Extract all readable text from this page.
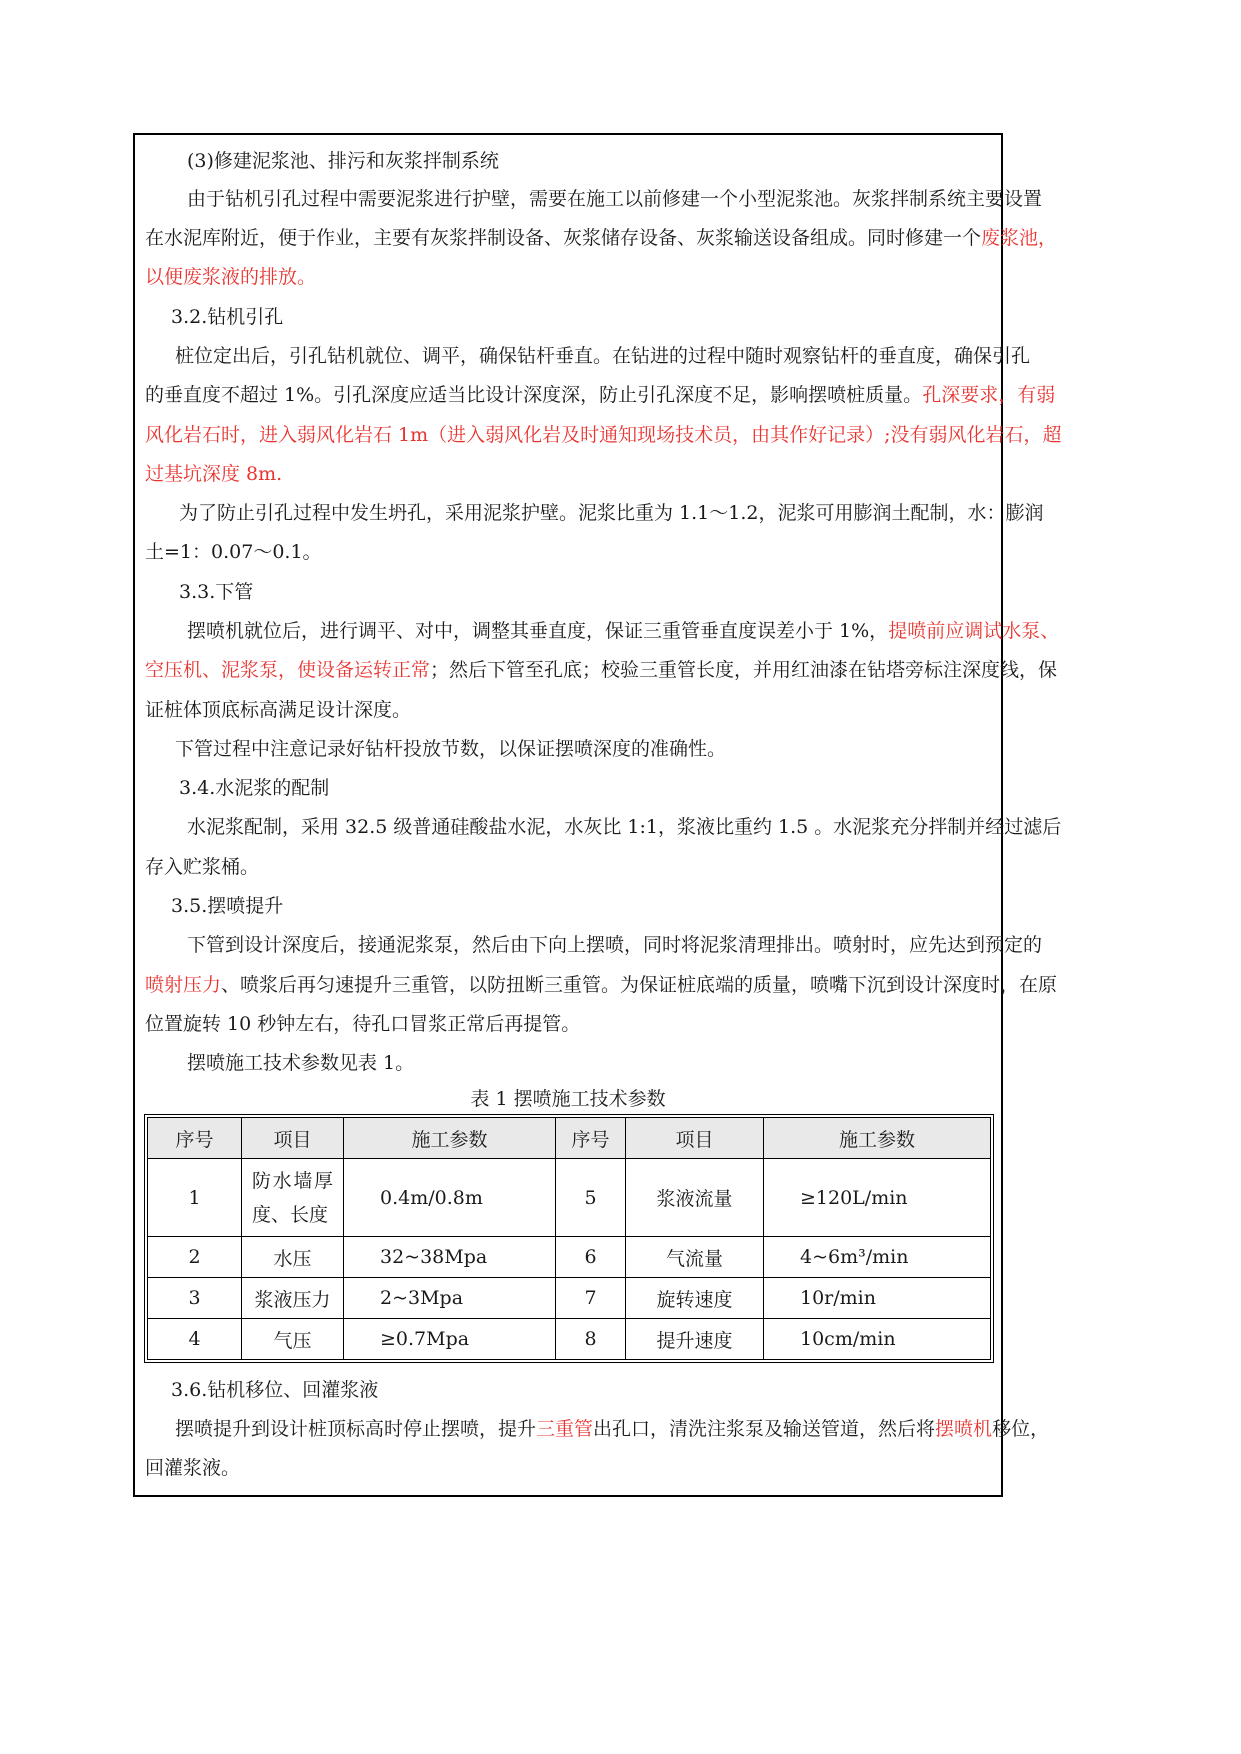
(3)修建泥浆池、排污和灰浆拌制系统
由于钻机引孔过程中需要泥浆进行护壁，需要在施工以前修建一个小型泥浆池。灰浆拌制系统主要设置
在水泥库附近，便于作业，主要有灰浆拌制设备、灰浆储存设备、灰浆输送设备组成。同时修建一个废浆池，
以便废浆液的排放。
3.2.钻机引孔
桩位定出后，引孔钻机就位、调平，确保钻杆垂直。在钻进的过程中随时观察钻杆的垂直度，确保引孔
的垂直度不超过 1%。引孔深度应适当比设计深度深，防止引孔深度不足，影响摆喷桩质量。孔深要求，有弱
风化岩石时，进入弱风化岩石 1m（进入弱风化岩及时通知现场技术员，由其作好记录）;没有弱风化岩石，超
过基坑深度 8m.
为了防止引孔过程中发生坍孔，采用泥浆护壁。泥浆比重为 1.1～1.2，泥浆可用膨润土配制，水：膨润
土=1：0.07～0.1。
3.3.下管
摆喷机就位后，进行调平、对中，调整其垂直度，保证三重管垂直度误差小于 1%，提喷前应调试水泵、
空压机、泥浆泵，使设备运转正常；然后下管至孔底；校验三重管长度，并用红油漆在钻塔旁标注深度线，保
证桩体顶底标高满足设计深度。
下管过程中注意记录好钻杆投放节数，以保证摆喷深度的准确性。
3.4.水泥浆的配制
水泥浆配制，采用 32.5 级普通硅酸盐水泥，水灰比 1:1，浆液比重约 1.5 。水泥浆充分拌制并经过滤后
存入贮浆桶。
3.5.摆喷提升
下管到设计深度后，接通泥浆泵，然后由下向上摆喷，同时将泥浆清理排出。喷射时，应先达到预定的
喷射压力、喷浆后再匀速提升三重管，以防扭断三重管。为保证桩底端的质量，喷嘴下沉到设计深度时，在原
位置旋转 10 秒钟左右，待孔口冒浆正常后再提管。
摆喷施工技术参数见表 1。
表 1 摆喷施工技术参数
序号	项目	施工参数	序号	项目	施工参数
1	防水墙厚度、长度	0.4m/0.8m	5	浆液流量	≥120L/min
2	水压	32~38Mpa	6	气流量	4~6m³/min
3	浆液压力	2~3Mpa	7	旋转速度	10r/min
4	气压	≥0.7Mpa	8	提升速度	10cm/min
3.6.钻机移位、回灌浆液
摆喷提升到设计桩顶标高时停止摆喷，提升三重管出孔口，清洗注浆泵及输送管道，然后将摆喷机移位，
回灌浆液。
